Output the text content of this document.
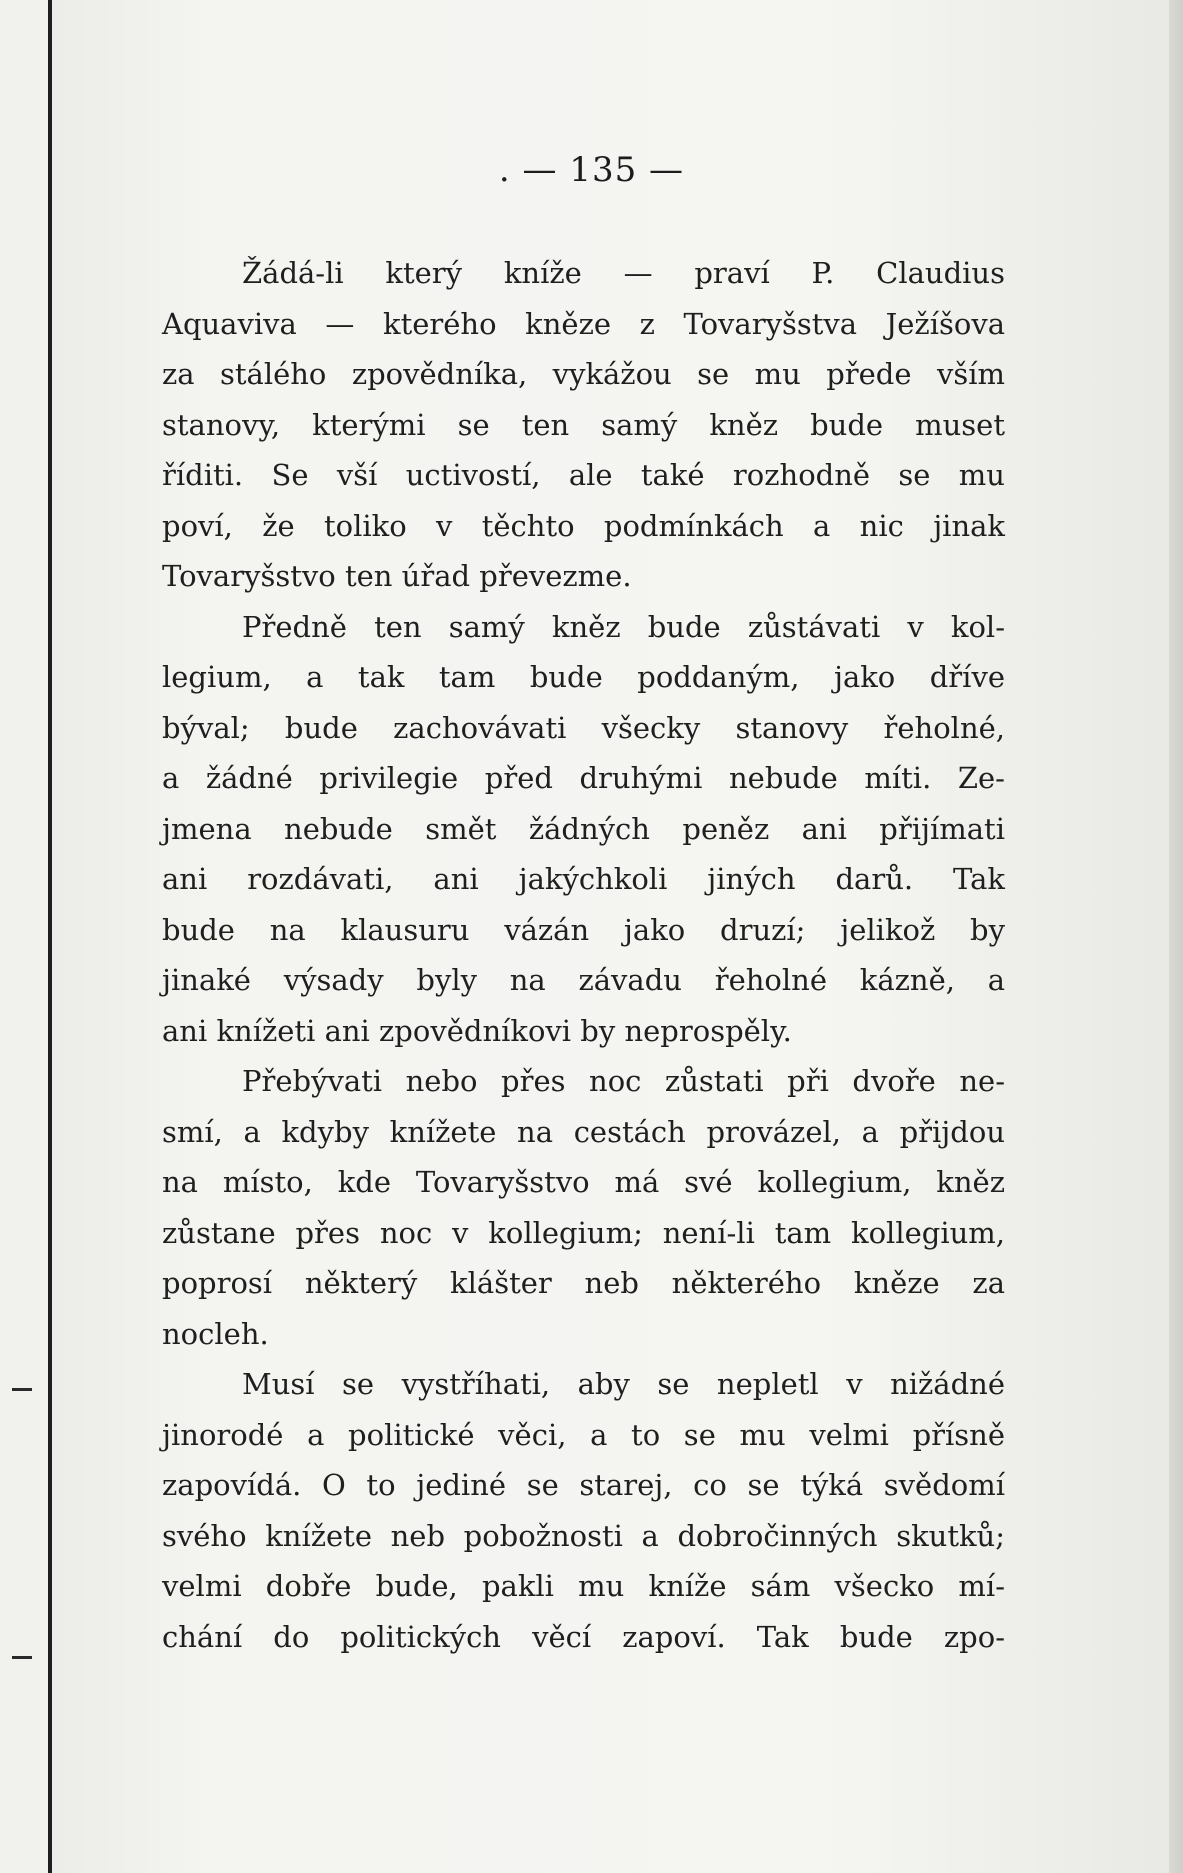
. — 135 —
Žádá-li který kníže — praví P. Claudius
Aquaviva — kterého kněze z Tovaryšstva Ježíšova
za stálého zpovědníka, vykážou se mu přede vším
stanovy, kterými se ten samý kněz bude muset
říditi. Se vší uctivostí, ale také rozhodně se mu
poví, že toliko v těchto podmínkách a nic jinak
Tovaryšstvo ten úřad převezme.
Předně ten samý kněz bude zůstávati v kol-
legium, a tak tam bude poddaným, jako dříve
býval; bude zachovávati všecky stanovy řeholné,
a žádné privilegie před druhými nebude míti. Ze-
jmena nebude smět žádných peněz ani přijímati
ani rozdávati, ani jakýchkoli jiných darů. Tak
bude na klausuru vázán jako druzí; jelikož by
jinaké výsady byly na závadu řeholné kázně, a
ani knížeti ani zpovědníkovi by neprospěly.
Přebývati nebo přes noc zůstati při dvoře ne-
smí, a kdyby knížete na cestách provázel, a přijdou
na místo, kde Tovaryšstvo má své kollegium, kněz
zůstane přes noc v kollegium; není-li tam kollegium,
poprosí některý klášter neb některého kněze za
nocleh.
Musí se vystříhati, aby se nepletl v nižádné
jinorodé a politické věci, a to se mu velmi přísně
zapovídá. O to jediné se starej, co se týká svědomí
svého knížete neb pobožnosti a dobročinných skutků;
velmi dobře bude, pakli mu kníže sám všecko mí-
chání do politických věcí zapoví. Tak bude zpo-
